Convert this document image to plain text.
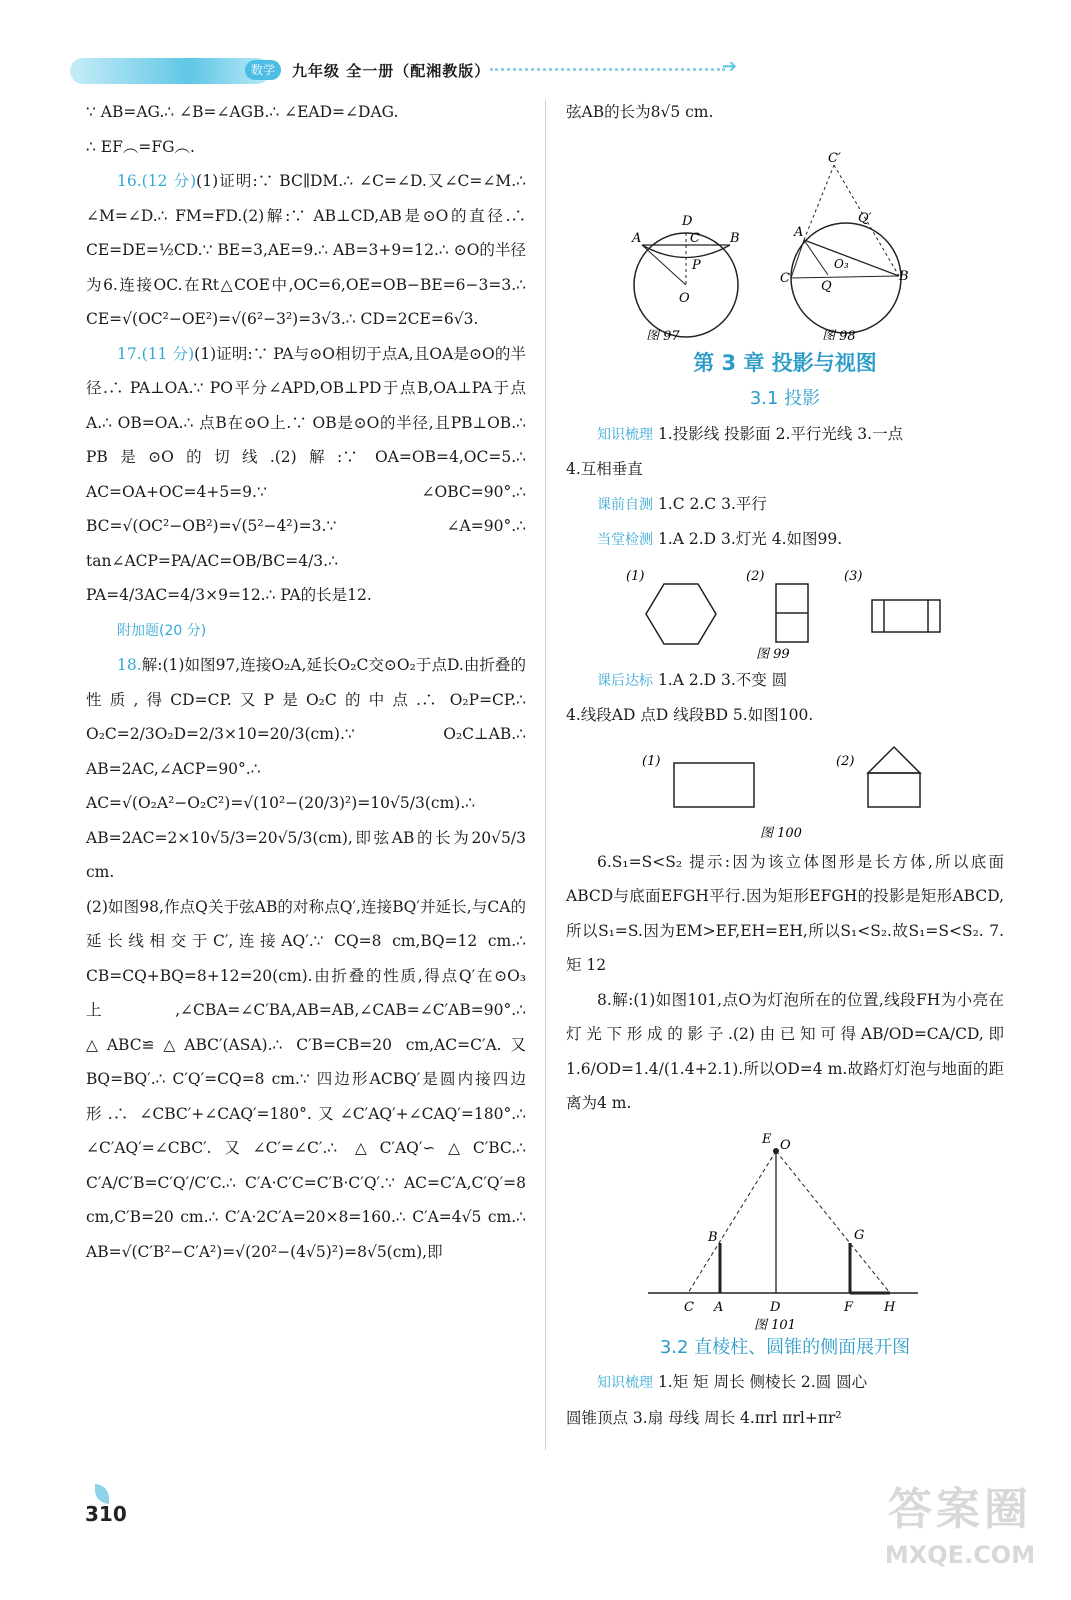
数学	九年级 全一册（配湘教版）	➔

∵ AB=AG.∴ ∠B=∠AGB.∴ ∠EAD=∠DAG.

∴ EF︵=FG︵.

16.(12 分)(1)证明:∵ BC∥DM.∴ ∠C=∠D.又∠C=∠M.∴ ∠M=∠D.∴ FM=FD.(2)解:∵ AB⊥CD,AB是⊙O的直径.∴ CE=DE=½CD.∵ BE=3,AE=9.∴ AB=3+9=12.∴ ⊙O的半径为6.连接OC.在Rt△COE中,OC=6,OE=OB−BE=6−3=3.∴ CE=√(OC²−OE²)=√(6²−3²)=3√3.∴ CD=2CE=6√3.

17.(11 分)(1)证明:∵ PA与⊙O相切于点A,且OA是⊙O的半径.∴ PA⊥OA.∵ PO平分∠APD,OB⊥PD于点B,OA⊥PA于点A.∴ OB=OA.∴ 点B在⊙O上.∵ OB是⊙O的半径,且PB⊥OB.∴ PB是⊙O的切线.(2)解:∵ OA=OB=4,OC=5.∴ AC=OA+OC=4+5=9.∵ ∠OBC=90°.∴ BC=√(OC²−OB²)=√(5²−4²)=3.∵ ∠A=90°.∴ tan∠ACP=PA/AC=OB/BC=4/3.∴ PA=4/3AC=4/3×9=12.∴ PA的长是12.

附加题(20 分)

18.解:(1)如图97,连接O₂A,延长O₂C交⊙O₂于点D.由折叠的性质,得CD=CP.又P是O₂C的中点.∴ O₂P=CP.∴ O₂C=2/3O₂D=2/3×10=20/3(cm).∵ O₂C⊥AB.∴ AB=2AC,∠ACP=90°.∴ AC=√(O₂A²−O₂C²)=√(10²−(20/3)²)=10√5/3(cm).∴ AB=2AC=2×10√5/3=20√5/3(cm),即弦AB的长为20√5/3 cm.

(2)如图98,作点Q关于弦AB的对称点Q′,连接BQ′并延长,与CA的延长线相交于C′,连接AQ′.∵ CQ=8 cm,BQ=12 cm.∴ CB=CQ+BQ=8+12=20(cm).由折叠的性质,得点Q′在⊙O₃上,∠CBA=∠C′BA,AB=AB,∠CAB=∠C′AB=90°.∴ △ABC≌△ABC′(ASA).∴ C′B=CB=20 cm,AC=C′A.又BQ=BQ′.∴ C′Q′=CQ=8 cm.∵ 四边形ACBQ′是圆内接四边形.∴ ∠CBC′+∠CAQ′=180°.又∠C′AQ′+∠CAQ′=180°.∴ ∠C′AQ′=∠CBC′.又∠C′=∠C′.∴ △C′AQ′∽△C′BC.∴ C′A/C′B=C′Q′/C′C.∴ C′A·C′C=C′B·C′Q′.∵ AC=C′A,C′Q′=8 cm,C′B=20 cm.∴ C′A·2C′A=20×8=160.∴ C′A=4√5 cm.∴ AB=√(C′B²−C′A²)=√(20²−(4√5)²)=8√5(cm),即

弦AB的长为8√5 cm.

A
D
C B
P
O
图 97
C′
A
Q′
O₃
C	B
Q
图 98
第 3 章 投影与视图
3.1 投影

知识梳理 1.投影线 投影面 2.平行光线 3.一点

4.互相垂直

课前自测 1.C 2.C 3.平行

当堂检测 1.A 2.D 3.灯光 4.如图99.

(1)	(2)	(3)
图 99

课后达标 1.A 2.D 3.不变 圆

4.线段AD 点D 线段BD 5.如图100.

(1)	(2)
图 100

6.S₁=S<S₂ 提示:因为该立体图形是长方体,所以底面ABCD与底面EFGH平行.因为矩形EFGH的投影是矩形ABCD,所以S₁=S.因为EM>EF,EH=EH,所以S₁<S₂.故S₁=S<S₂. 7.矩 12

8.解:(1)如图101,点O为灯泡所在的位置,线段FH为小亮在灯光下形成的影子.(2)由已知可得AB/OD=CA/CD,即1.6/OD=1.4/(1.4+2.1).所以OD=4 m.故路灯灯泡与地面的距离为4 m.

E O
B	G
C A	D	F H
图 101
3.2 直棱柱、圆锥的侧面展开图

知识梳理 1.矩 矩 周长 侧棱长 2.圆 圆心

圆锥顶点 3.扇 母线 周长 4.πrl πrl+πr²

310	答案圈
MXQE.COM
